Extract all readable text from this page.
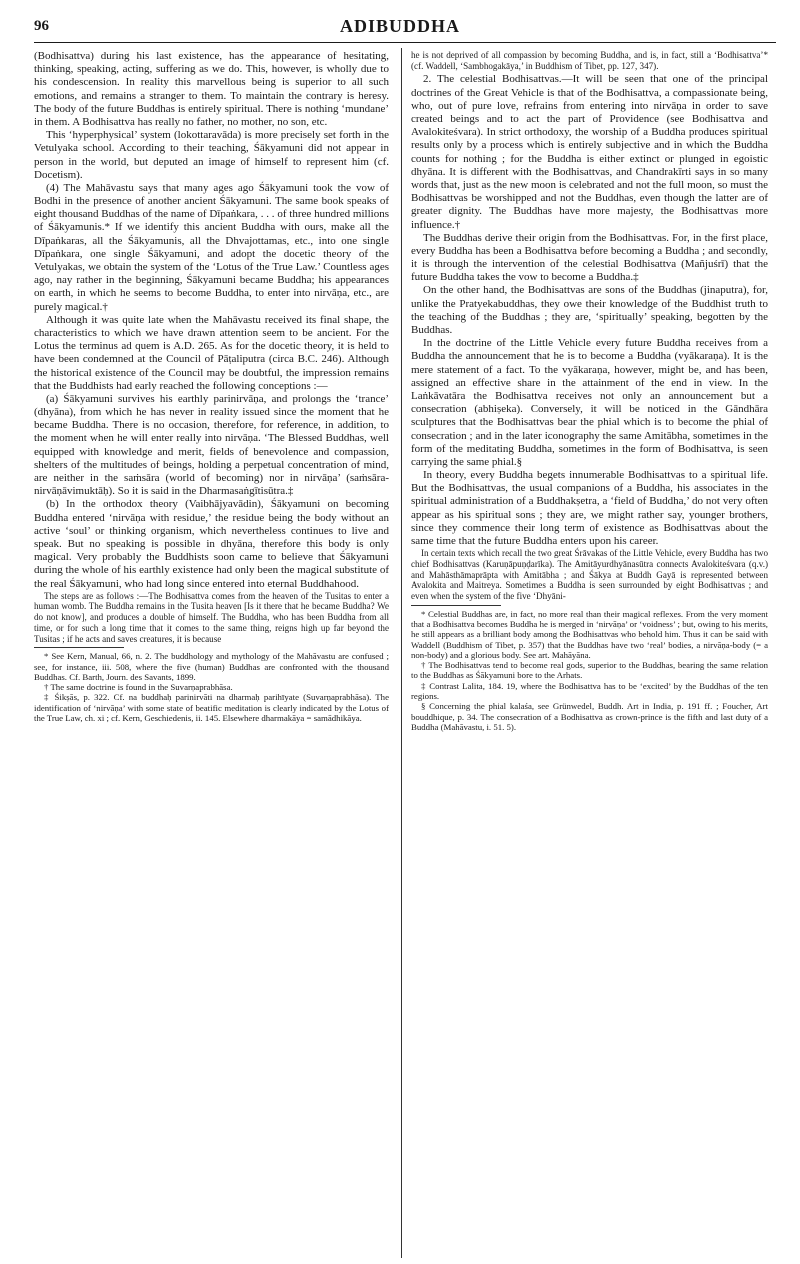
96	ADIBUDDHA

(Bodhisattva) during his last existence, has the appearance of hesitating, thinking, speaking, acting, suffering as we do. This, however, is wholly due to his condescension. In reality this marvellous being is superior to all such emotions, and remains a stranger to them. To maintain the contrary is heresy. The body of the future Buddhas is entirely spiritual. There is nothing ‘mundane’ in them. A Bodhisattva has really no father, no mother, no son, etc.

This ‘hyperphysical’ system (lokottaravāda) is more precisely set forth in the Vetulyaka school. According to their teaching, Śākyamuni did not appear in person in the world, but deputed an image of himself to represent him (cf. Docetism).

(4) The Mahāvastu says that many ages ago Śākyamuni took the vow of Bodhi in the presence of another ancient Śākyamuni. The same book speaks of eight thousand Buddhas of the name of Dīpaṅkara, . . . of three hundred millions of Śākyamunis.* If we identify this ancient Buddha with ours, make all the Dīpaṅkaras, all the Śākyamunis, all the Dhvajottamas, etc., into one single Dīpaṅkara, one single Śākyamuni, and adopt the docetic theory of the Vetulyakas, we obtain the system of the ‘Lotus of the True Law.’ Countless ages ago, nay rather in the beginning, Śākyamuni became Buddha; his appearances on earth, in which he seems to become Buddha, to enter into nirvāṇa, etc., are purely magical.†

Although it was quite late when the Mahāvastu received its final shape, the characteristics to which we have drawn attention seem to be ancient. For the Lotus the terminus ad quem is A.D. 265. As for the docetic theory, it is held to have been condemned at the Council of Pāṭaliputra (circa B.C. 246). Although the historical existence of the Council may be doubtful, the impression remains that the Buddhists had early reached the following conceptions :—

(a) Śākyamuni survives his earthly parinirvāṇa, and prolongs the ‘trance’ (dhyāna), from which he has never in reality issued since the moment that he became Buddha. There is no occasion, therefore, for reference, in addition, to the moment when he will enter really into nirvāṇa. ‘The Blessed Buddhas, well equipped with knowledge and merit, fields of benevolence and compassion, shelters of the multitudes of beings, holding a perpetual concentration of mind, are neither in the saṁsāra (world of becoming) nor in nirvāṇa’ (saṁsāra-nirvāṇāvimuktāḥ). So it is said in the Dharmasaṅgītisūtra.‡

(b) In the orthodox theory (Vaibhājyavādin), Śākyamuni on becoming Buddha entered ‘nirvāṇa with residue,’ the residue being the body without an active ‘soul’ or thinking organism, which nevertheless continues to live and speak. But no speaking is possible in dhyāna, therefore this body is only magical. Very probably the Buddhists soon came to believe that Śākyamuni during the whole of his earthly existence had only been the magical substitute of the real Śākyamuni, who had long since entered into eternal Buddhahood.

The steps are as follows :—The Bodhisattva comes from the heaven of the Tusitas to enter a human womb. The Buddha remains in the Tusita heaven [Is it there that he became Buddha? We do not know], and produces a double of himself. The Buddha, who has been Buddha from all time, or for such a long time that it comes to the same thing, reigns high up far beyond the Tusitas ; if he acts and saves creatures, it is because

* See Kern, Manual, 66, n. 2. The buddhology and mythology of the Mahāvastu are confused ; see, for instance, iii. 508, where the five (human) Buddhas are confronted with the thousand Buddhas. Cf. Barth, Journ. des Savants, 1899.

† The same doctrine is found in the Suvarṇaprabhāsa.

‡ Śikṣās, p. 322. Cf. na buddhaḥ parinirvāti na dharmaḥ parihīyate (Suvarṇaprabhāsa). The identification of ‘nirvāṇa’ with some state of beatific meditation is clearly indicated by the Lotus of the True Law, ch. xi ; cf. Kern, Geschiedenis, ii. 145. Elsewhere dharmakāya = samādhikāya.

he is not deprived of all compassion by becoming Buddha, and is, in fact, still a ‘Bodhisattva’* (cf. Waddell, ‘Sambhogakāya,’ in Buddhism of Tibet, pp. 127, 347).

2. The celestial Bodhisattvas.—It will be seen that one of the principal doctrines of the Great Vehicle is that of the Bodhisattva, a compassionate being, who, out of pure love, refrains from entering into nirvāṇa in order to save created beings and to act the part of Providence (see Bodhisattva and Avalokiteśvara). In strict orthodoxy, the worship of a Buddha produces spiritual results only by a process which is entirely subjective and in which the Buddha counts for nothing ; for the Buddha is either extinct or plunged in egoistic dhyāna. It is different with the Bodhisattvas, and Chandrakīrti says in so many words that, just as the new moon is celebrated and not the full moon, so must the Bodhisattvas be worshipped and not the Buddhas, even though the latter are of greater dignity. The Buddhas have more majesty, the Bodhisattvas more influence.†

The Buddhas derive their origin from the Bodhisattvas. For, in the first place, every Buddha has been a Bodhisattva before becoming a Buddha ; and secondly, it is through the intervention of the celestial Bodhisattva (Mañjuśrī) that the future Buddha takes the vow to become a Buddha.‡

On the other hand, the Bodhisattvas are sons of the Buddhas (jinaputra), for, unlike the Pratyekabuddhas, they owe their knowledge of the Buddhist truth to the teaching of the Buddhas ; they are, ‘spiritually’ speaking, begotten by the Buddhas.

In the doctrine of the Little Vehicle every future Buddha receives from a Buddha the announcement that he is to become a Buddha (vyākaraṇa). It is the mere statement of a fact. To the vyākaraṇa, however, might be, and has been, assigned an effective share in the attainment of the end in view. In the Laṅkāvatāra the Bodhisattva receives not only an announcement but a consecration (abhiṣeka). Conversely, it will be noticed in the Gāndhāra sculptures that the Bodhisattvas bear the phial which is to become the phial of consecration ; and in the later iconography the same Amitābha, sometimes in the form of the meditating Buddha, sometimes in the form of Bodhisattva, is seen carrying the same phial.§

In theory, every Buddha begets innumerable Bodhisattvas to a spiritual life. But the Bodhisattvas, the usual companions of a Buddha, his associates in the spiritual administration of a Buddhakṣetra, a ‘field of Buddha,’ do not very often appear as his spiritual sons ; they are, we might rather say, younger brothers, since they commence their long term of existence as Bodhisattvas about the same time that the future Buddha enters upon his career.

In certain texts which recall the two great Śrāvakas of the Little Vehicle, every Buddha has two chief Bodhisattvas (Karuṇāpuṇḍarīka). The Amitāyurdhyānasūtra connects Avalokiteśvara (q.v.) and Mahāsthāmaprāpta with Amitābha ; and Śākya at Buddh Gayā is represented between Avalokita and Maitreya. Sometimes a Buddha is seen surrounded by eight Bodhisattvas ; and even when the system of the five ‘Dhyāni-

* Celestial Buddhas are, in fact, no more real than their magical reflexes. From the very moment that a Bodhisattva becomes Buddha he is merged in ‘nirvāṇa’ or ‘voidness’ ; but, owing to his merits, he still appears as a brilliant body among the Bodhisattvas who behold him. Thus it can be said with Waddell (Buddhism of Tibet, p. 357) that the Buddhas have two ‘real’ bodies, a nirvāṇa-body (= a non-body) and a glorious body. See art. Mahāyāna.

† The Bodhisattvas tend to become real gods, superior to the Buddhas, bearing the same relation to the Buddhas as Śākyamuni bore to the Arhats.

‡ Contrast Lalita, 184. 19, where the Bodhisattva has to be ‘excited’ by the Buddhas of the ten regions.

§ Concerning the phial kalaśa, see Grünwedel, Buddh. Art in India, p. 191 ff. ; Foucher, Art bouddhique, p. 34. The consecration of a Bodhisattva as crown-prince is the fifth and last duty of a Buddha (Mahāvastu, i. 51. 5).
